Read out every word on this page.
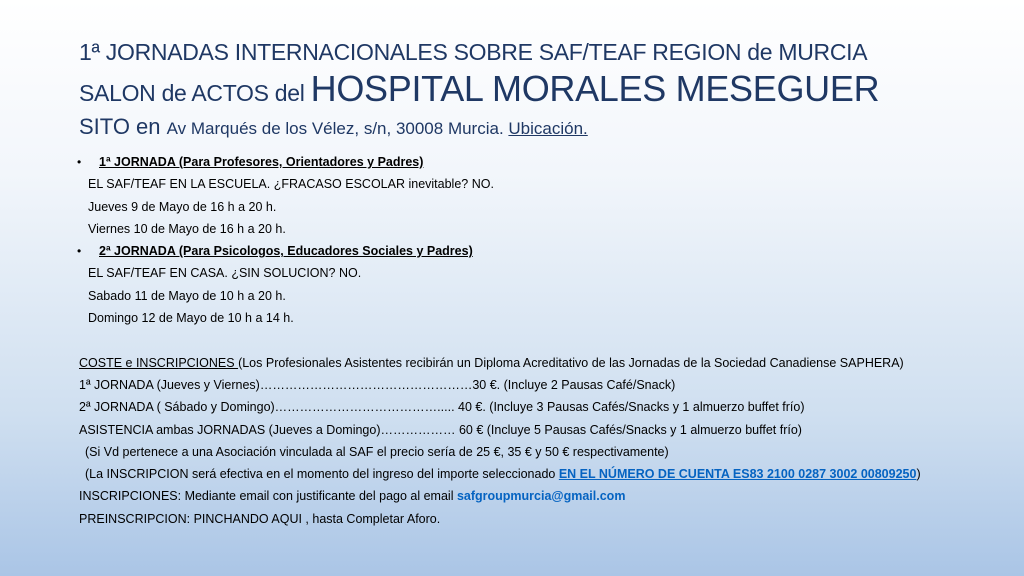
1ª JORNADAS INTERNACIONALES SOBRE SAF/TEAF REGION de MURCIA
SALON de ACTOS del HOSPITAL MORALES MESEGUER
SITO en Av Marqués de los Vélez, s/n, 30008 Murcia. Ubicación.
• 1ª JORNADA (Para Profesores, Orientadores y Padres)
EL SAF/TEAF EN LA ESCUELA. ¿FRACASO ESCOLAR inevitable? NO.
Jueves 9 de Mayo de 16 h a 20 h.
Viernes 10 de Mayo de 16 h a 20 h.
• 2ª JORNADA (Para Psicologos, Educadores Sociales y Padres)
EL SAF/TEAF EN CASA. ¿SIN SOLUCION? NO.
Sabado 11 de Mayo de 10 h a 20 h.
Domingo 12 de Mayo de 10 h a 14 h.
COSTE e INSCRIPCIONES (Los Profesionales Asistentes recibirán un Diploma Acreditativo de las Jornadas de la Sociedad Canadiense SAPHERA)
1ª JORNADA (Jueves y Viernes)……………………………………………30 €. (Incluye 2 Pausas Café/Snack)
2ª JORNADA ( Sábado y Domingo)…………………………………..... 40 €. (Incluye 3 Pausas Cafés/Snacks y 1 almuerzo buffet frío)
ASISTENCIA ambas JORNADAS (Jueves a Domingo)……………… 60 € (Incluye 5 Pausas Cafés/Snacks y 1 almuerzo buffet frío)
(Si Vd pertenece a una Asociación vinculada al SAF el precio sería de 25 €, 35 € y 50 € respectivamente)
(La INSCRIPCION será efectiva en el momento del ingreso del importe seleccionado EN EL NÚMERO DE CUENTA ES83 2100 0287 3002 00809250)
INSCRIPCIONES: Mediante email con justificante del pago al email safgroupmurcia@gmail.com
PREINSCRIPCION: PINCHANDO AQUI , hasta Completar Aforo.
